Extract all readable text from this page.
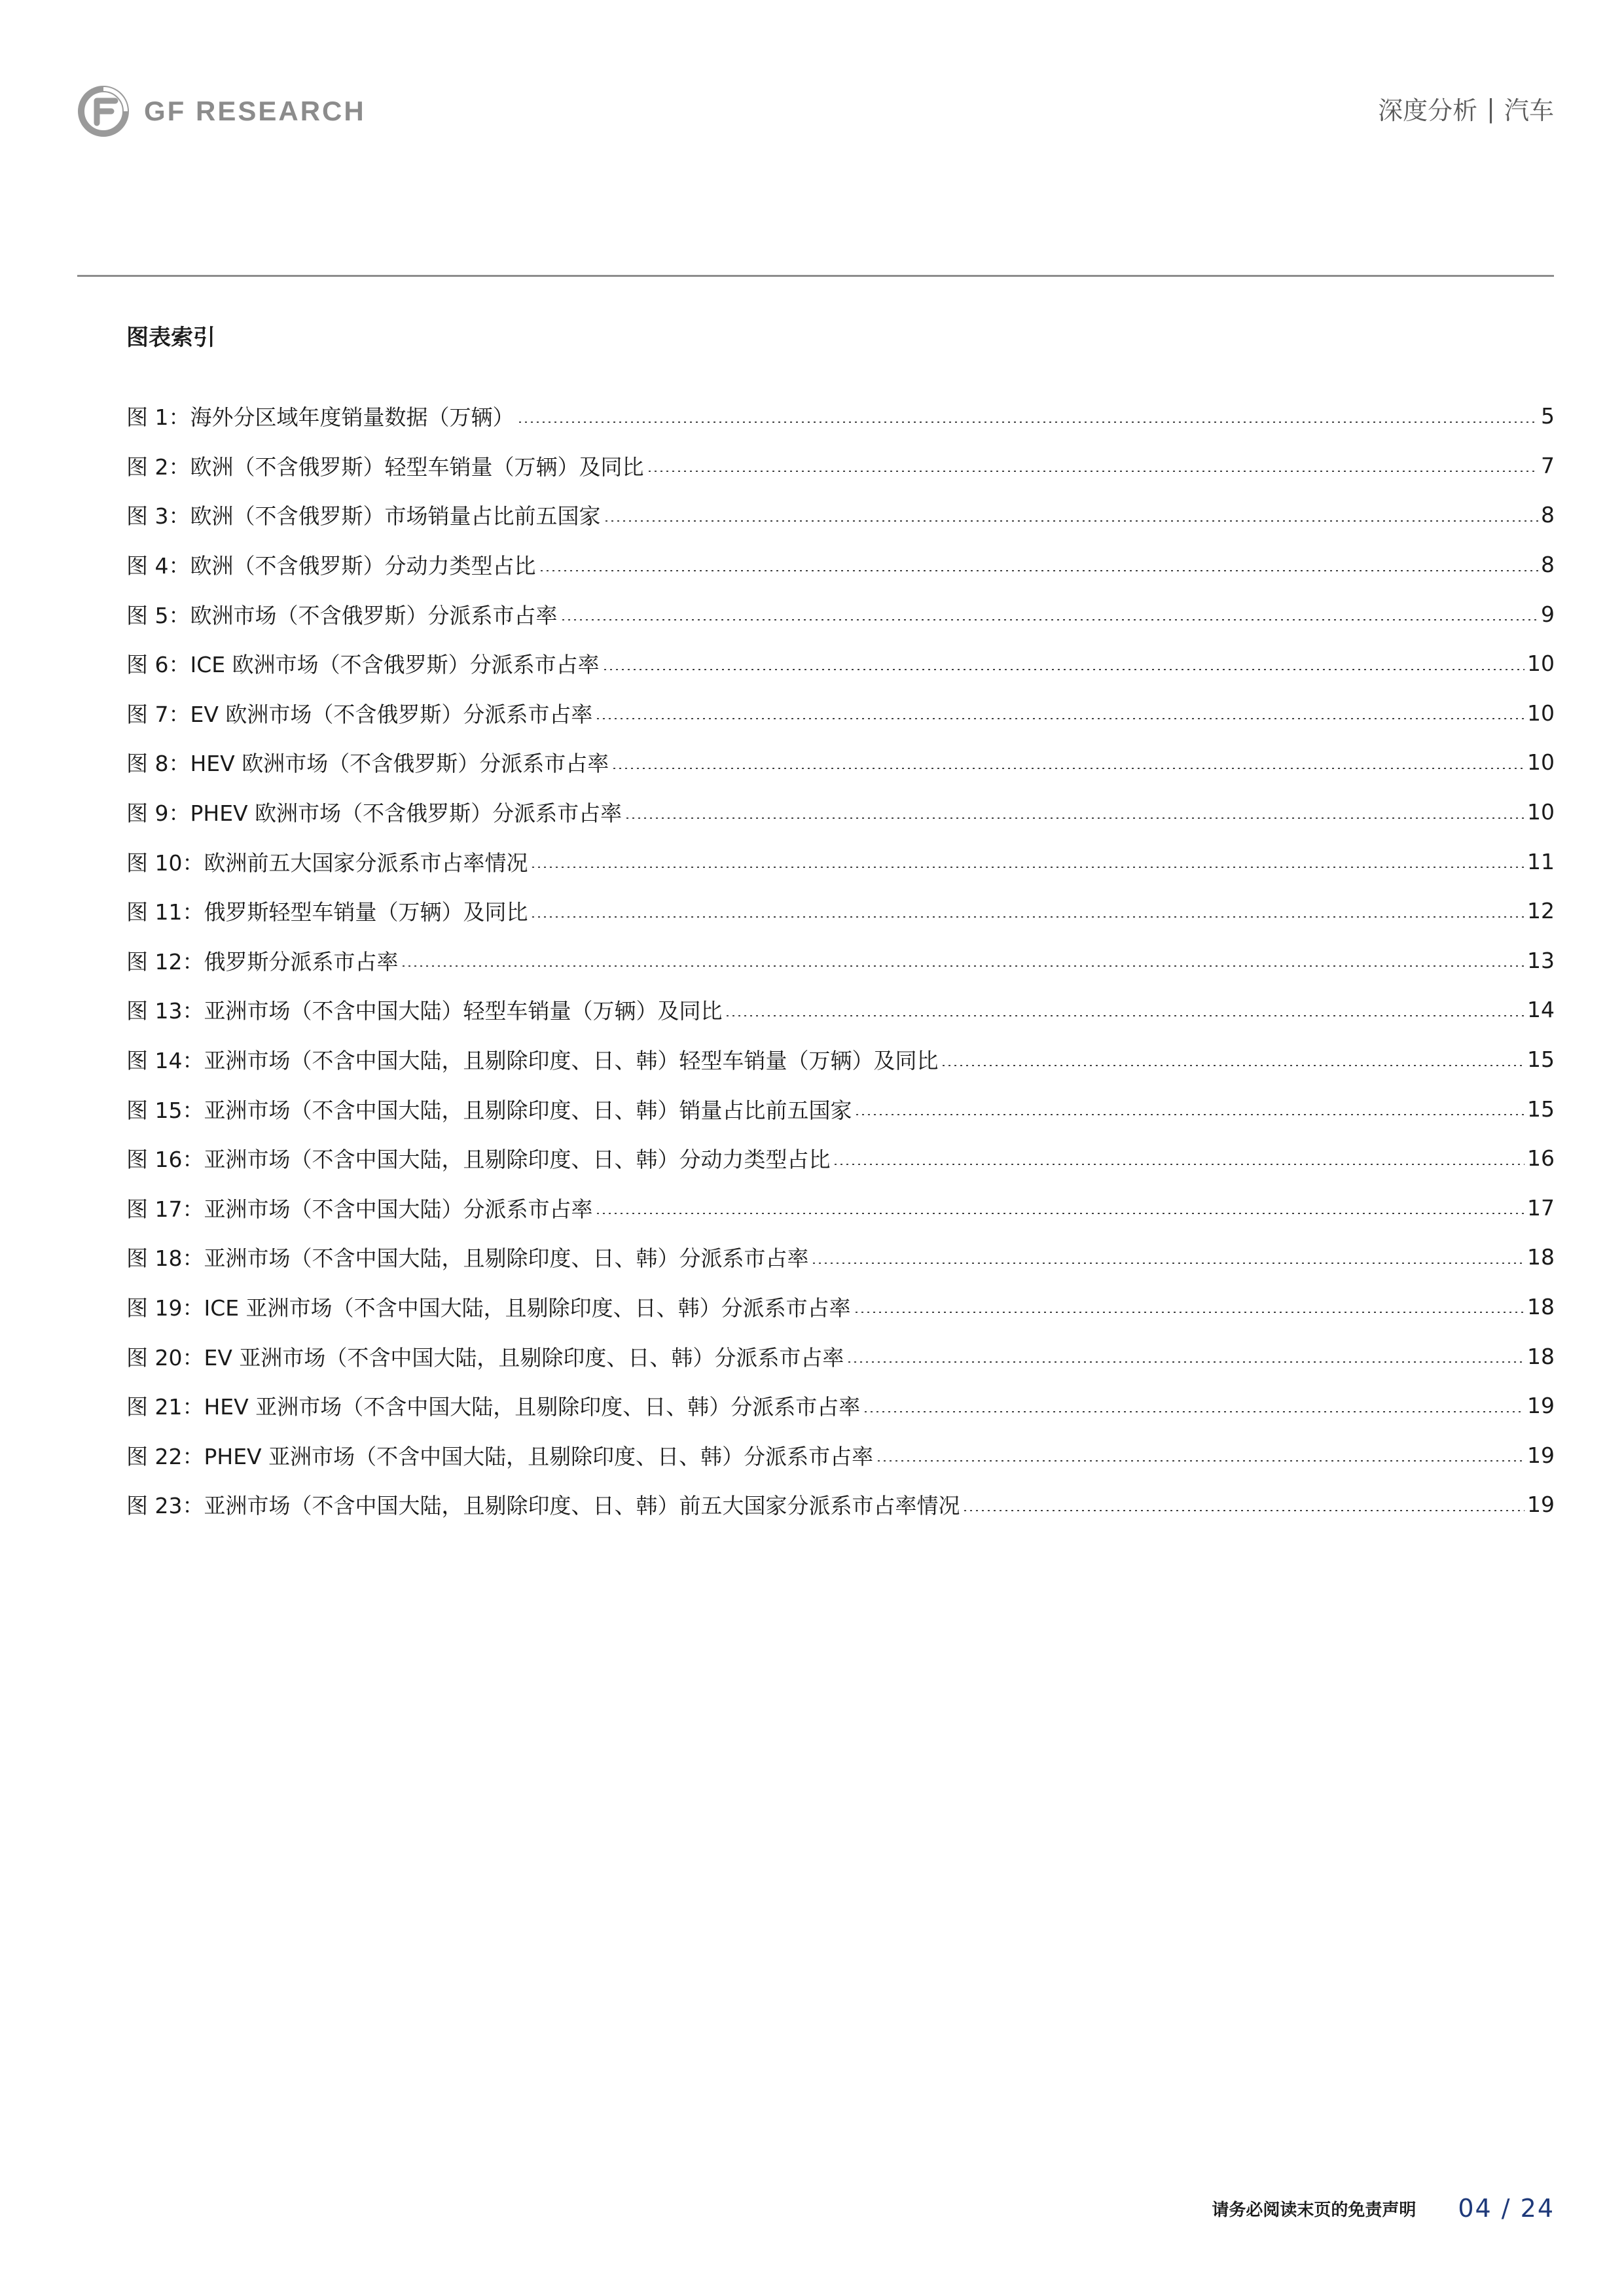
GF RESEARCH	深度分析 | 汽车
图表索引
图 1：海外分区域年度销量数据（万辆）	5
图 2：欧洲（不含俄罗斯）轻型车销量（万辆）及同比	7
图 3：欧洲（不含俄罗斯）市场销量占比前五国家	8
图 4：欧洲（不含俄罗斯）分动力类型占比	8
图 5：欧洲市场（不含俄罗斯）分派系市占率	9
图 6：ICE 欧洲市场（不含俄罗斯）分派系市占率	10
图 7：EV 欧洲市场（不含俄罗斯）分派系市占率	10
图 8：HEV 欧洲市场（不含俄罗斯）分派系市占率	10
图 9：PHEV 欧洲市场（不含俄罗斯）分派系市占率	10
图 10：欧洲前五大国家分派系市占率情况	11
图 11：俄罗斯轻型车销量（万辆）及同比	12
图 12：俄罗斯分派系市占率	13
图 13：亚洲市场（不含中国大陆）轻型车销量（万辆）及同比	14
图 14：亚洲市场（不含中国大陆，且剔除印度、日、韩）轻型车销量（万辆）及同比	15
图 15：亚洲市场（不含中国大陆，且剔除印度、日、韩）销量占比前五国家	15
图 16：亚洲市场（不含中国大陆，且剔除印度、日、韩）分动力类型占比	16
图 17：亚洲市场（不含中国大陆）分派系市占率	17
图 18：亚洲市场（不含中国大陆，且剔除印度、日、韩）分派系市占率	18
图 19：ICE 亚洲市场（不含中国大陆，且剔除印度、日、韩）分派系市占率	18
图 20：EV 亚洲市场（不含中国大陆，且剔除印度、日、韩）分派系市占率	18
图 21：HEV 亚洲市场（不含中国大陆，且剔除印度、日、韩）分派系市占率	19
图 22：PHEV 亚洲市场（不含中国大陆，且剔除印度、日、韩）分派系市占率	19
图 23：亚洲市场（不含中国大陆，且剔除印度、日、韩）前五大国家分派系市占率情况	19
请务必阅读末页的免责声明 04 / 24
